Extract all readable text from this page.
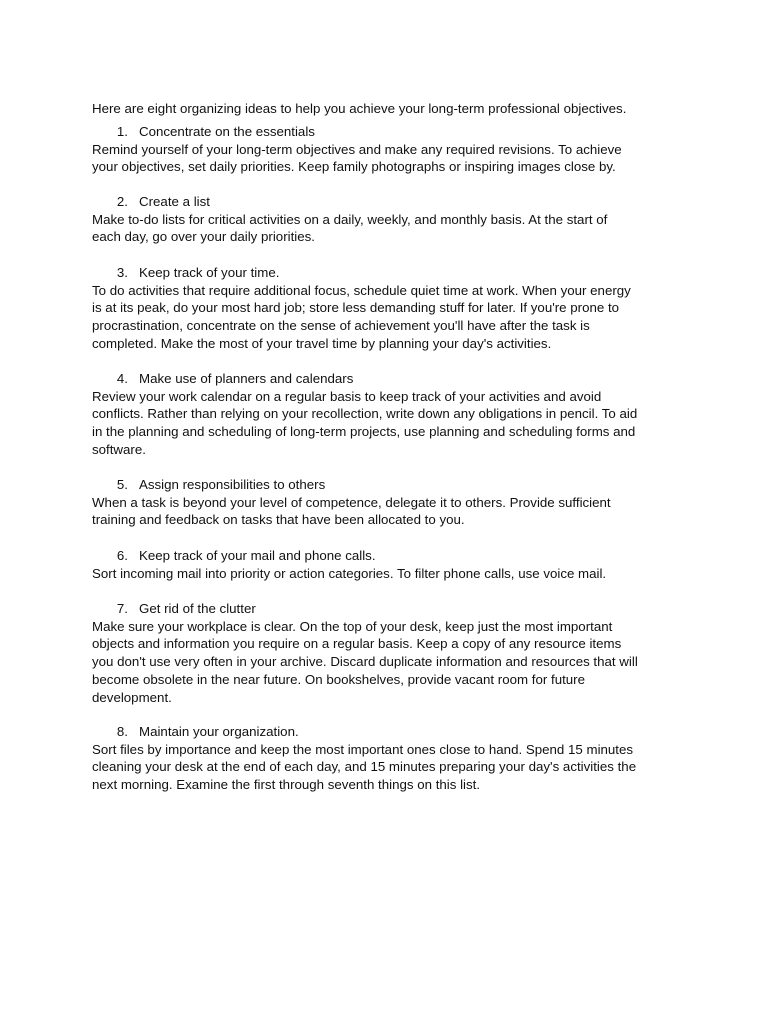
Here are eight organizing ideas to help you achieve your long-term professional objectives.

1. Concentrate on the essentials

Remind yourself of your long-term objectives and make any required revisions. To achieve

your objectives, set daily priorities. Keep family photographs or inspiring images close by.

2. Create a list

Make to-do lists for critical activities on a daily, weekly, and monthly basis. At the start of

each day, go over your daily priorities.

3. Keep track of your time.

To do activities that require additional focus, schedule quiet time at work. When your energy

is at its peak, do your most hard job; store less demanding stuff for later. If you're prone to

procrastination, concentrate on the sense of achievement you'll have after the task is

completed. Make the most of your travel time by planning your day's activities.

4. Make use of planners and calendars

Review your work calendar on a regular basis to keep track of your activities and avoid

conflicts. Rather than relying on your recollection, write down any obligations in pencil. To aid

in the planning and scheduling of long-term projects, use planning and scheduling forms and

software.

5. Assign responsibilities to others

When a task is beyond your level of competence, delegate it to others. Provide sufficient

training and feedback on tasks that have been allocated to you.

6. Keep track of your mail and phone calls.

Sort incoming mail into priority or action categories. To filter phone calls, use voice mail.

7. Get rid of the clutter

Make sure your workplace is clear. On the top of your desk, keep just the most important

objects and information you require on a regular basis. Keep a copy of any resource items

you don't use very often in your archive. Discard duplicate information and resources that will

become obsolete in the near future. On bookshelves, provide vacant room for future

development.

8. Maintain your organization.

Sort files by importance and keep the most important ones close to hand. Spend 15 minutes

cleaning your desk at the end of each day, and 15 minutes preparing your day's activities the

next morning. Examine the first through seventh things on this list.
